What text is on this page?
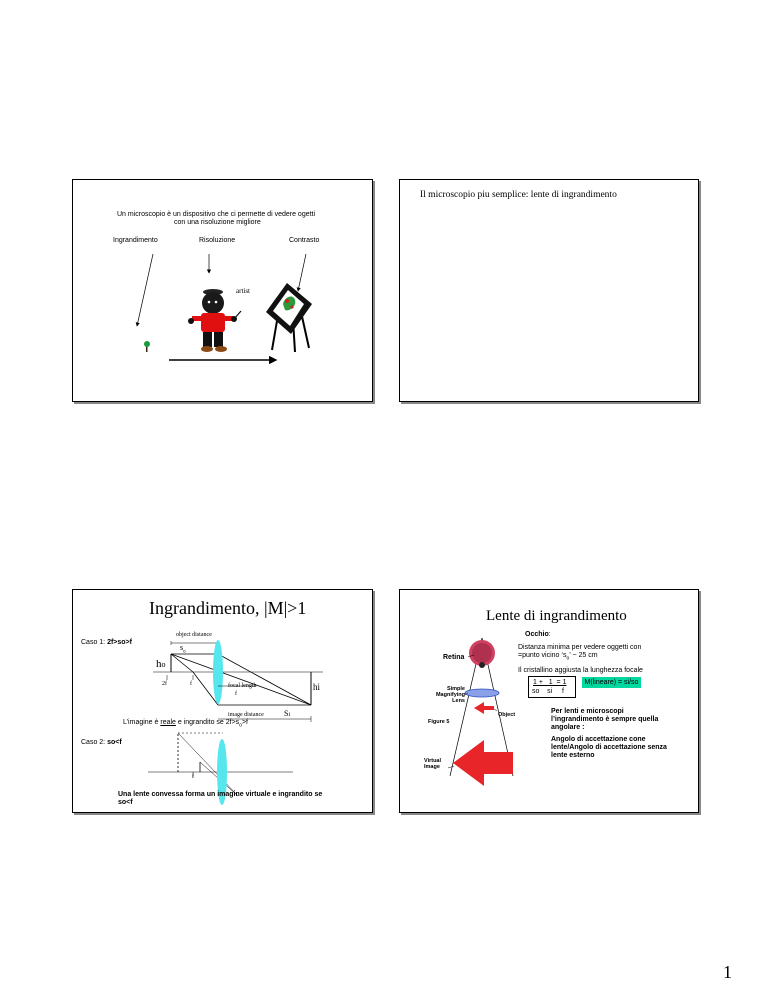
Un microscopio è un dispositivo che ci permette di vedere ogetti
con una risoluzione migliore
Ingrandimento	Risoluzione	Contrasto
artist
Il microscopio piu semplice: lente di ingrandimento
Ingrandimento, |M|>1
Caso 1: 2f>so>f
object distance
$s_o$
ho
hi
2f	f	focal length
f
image distance	Si
L’imagine è reale e ingrandito se $2f>s_o>f$
Caso 2: so<f
f
Una lente convessa forma un imagine virtuale e ingrandito se
so<f
Lente di ingrandimento
Retina
Simple
Magnifying
Lens
Object
Figure 5
Virtual
Image
Occhio:
Distanza minima per vedere oggetti con
=punto vicino ‘$s_o$’ ~ 25 cm
Il cristallino aggiusta la lunghezza focale
1 +   1  = 1
so    si     f
M(lineare) = si/so
Per lenti e microscopi
l’ingrandimento è sempre quella
angolare :
Angolo di accettazione cone
lente/Angolo di accettazione senza
lente esterno
1
